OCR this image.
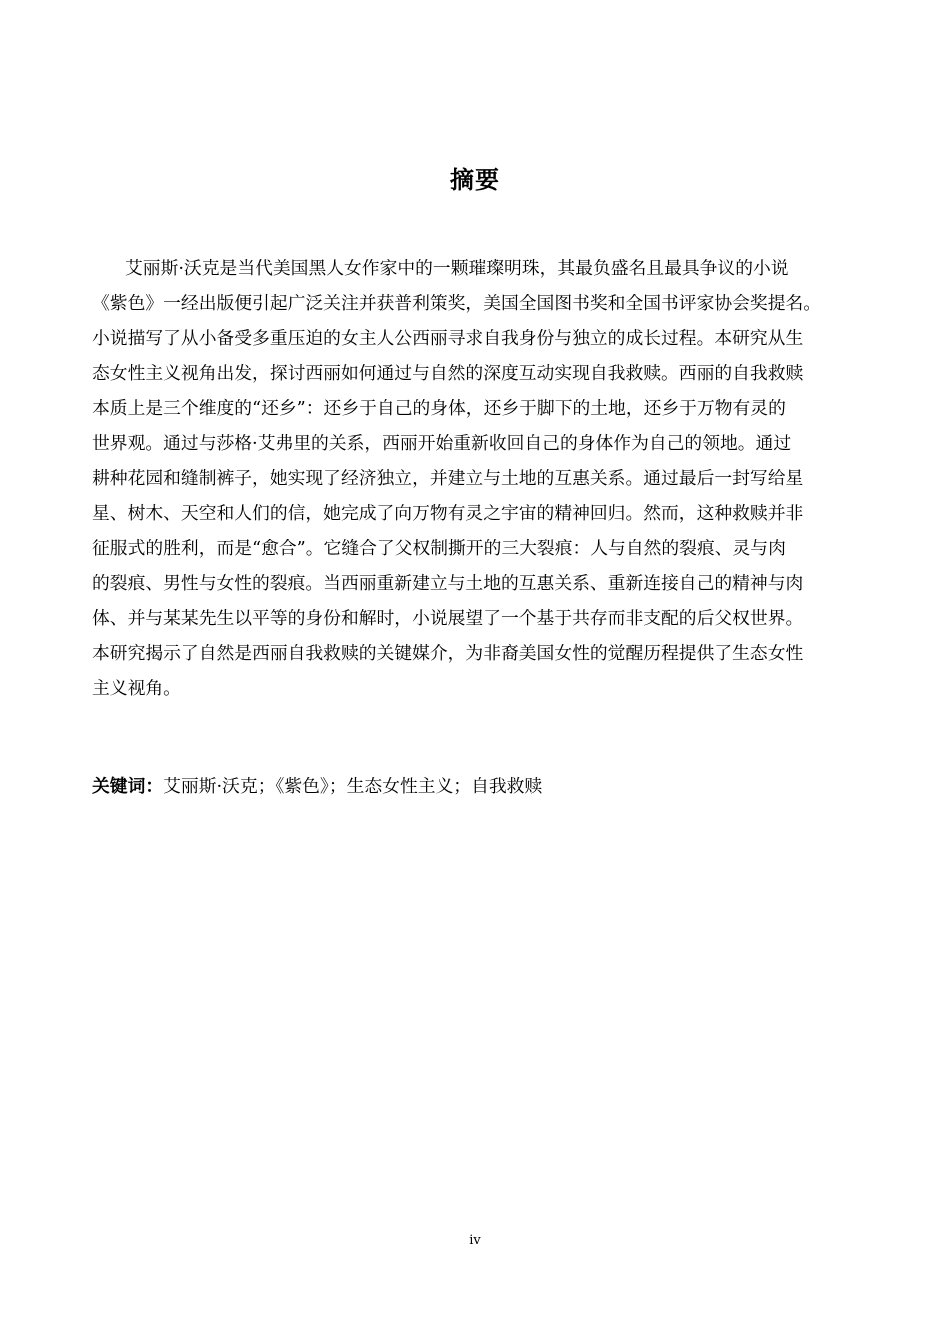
摘要
艾丽斯·沃克是当代美国黑人女作家中的一颗璀璨明珠，其最负盛名且最具争议的小说
《紫色》一经出版便引起广泛关注并获普利策奖，美国全国图书奖和全国书评家协会奖提名。
小说描写了从小备受多重压迫的女主人公西丽寻求自我身份与独立的成长过程。本研究从生
态女性主义视角出发，探讨西丽如何通过与自然的深度互动实现自我救赎。西丽的自我救赎
本质上是三个维度的“还乡”：还乡于自己的身体，还乡于脚下的土地，还乡于万物有灵的
世界观。通过与莎格·艾弗里的关系，西丽开始重新收回自己的身体作为自己的领地。通过
耕种花园和缝制裤子，她实现了经济独立，并建立与土地的互惠关系。通过最后一封写给星
星、树木、天空和人们的信，她完成了向万物有灵之宇宙的精神回归。然而，这种救赎并非
征服式的胜利，而是“愈合”。它缝合了父权制撕开的三大裂痕：人与自然的裂痕、灵与肉
的裂痕、男性与女性的裂痕。当西丽重新建立与土地的互惠关系、重新连接自己的精神与肉
体、并与某某先生以平等的身份和解时，小说展望了一个基于共存而非支配的后父权世界。
本研究揭示了自然是西丽自我救赎的关键媒介，为非裔美国女性的觉醒历程提供了生态女性
主义视角。
关键词：艾丽斯·沃克；《紫色》；生态女性主义；自我救赎
iv
